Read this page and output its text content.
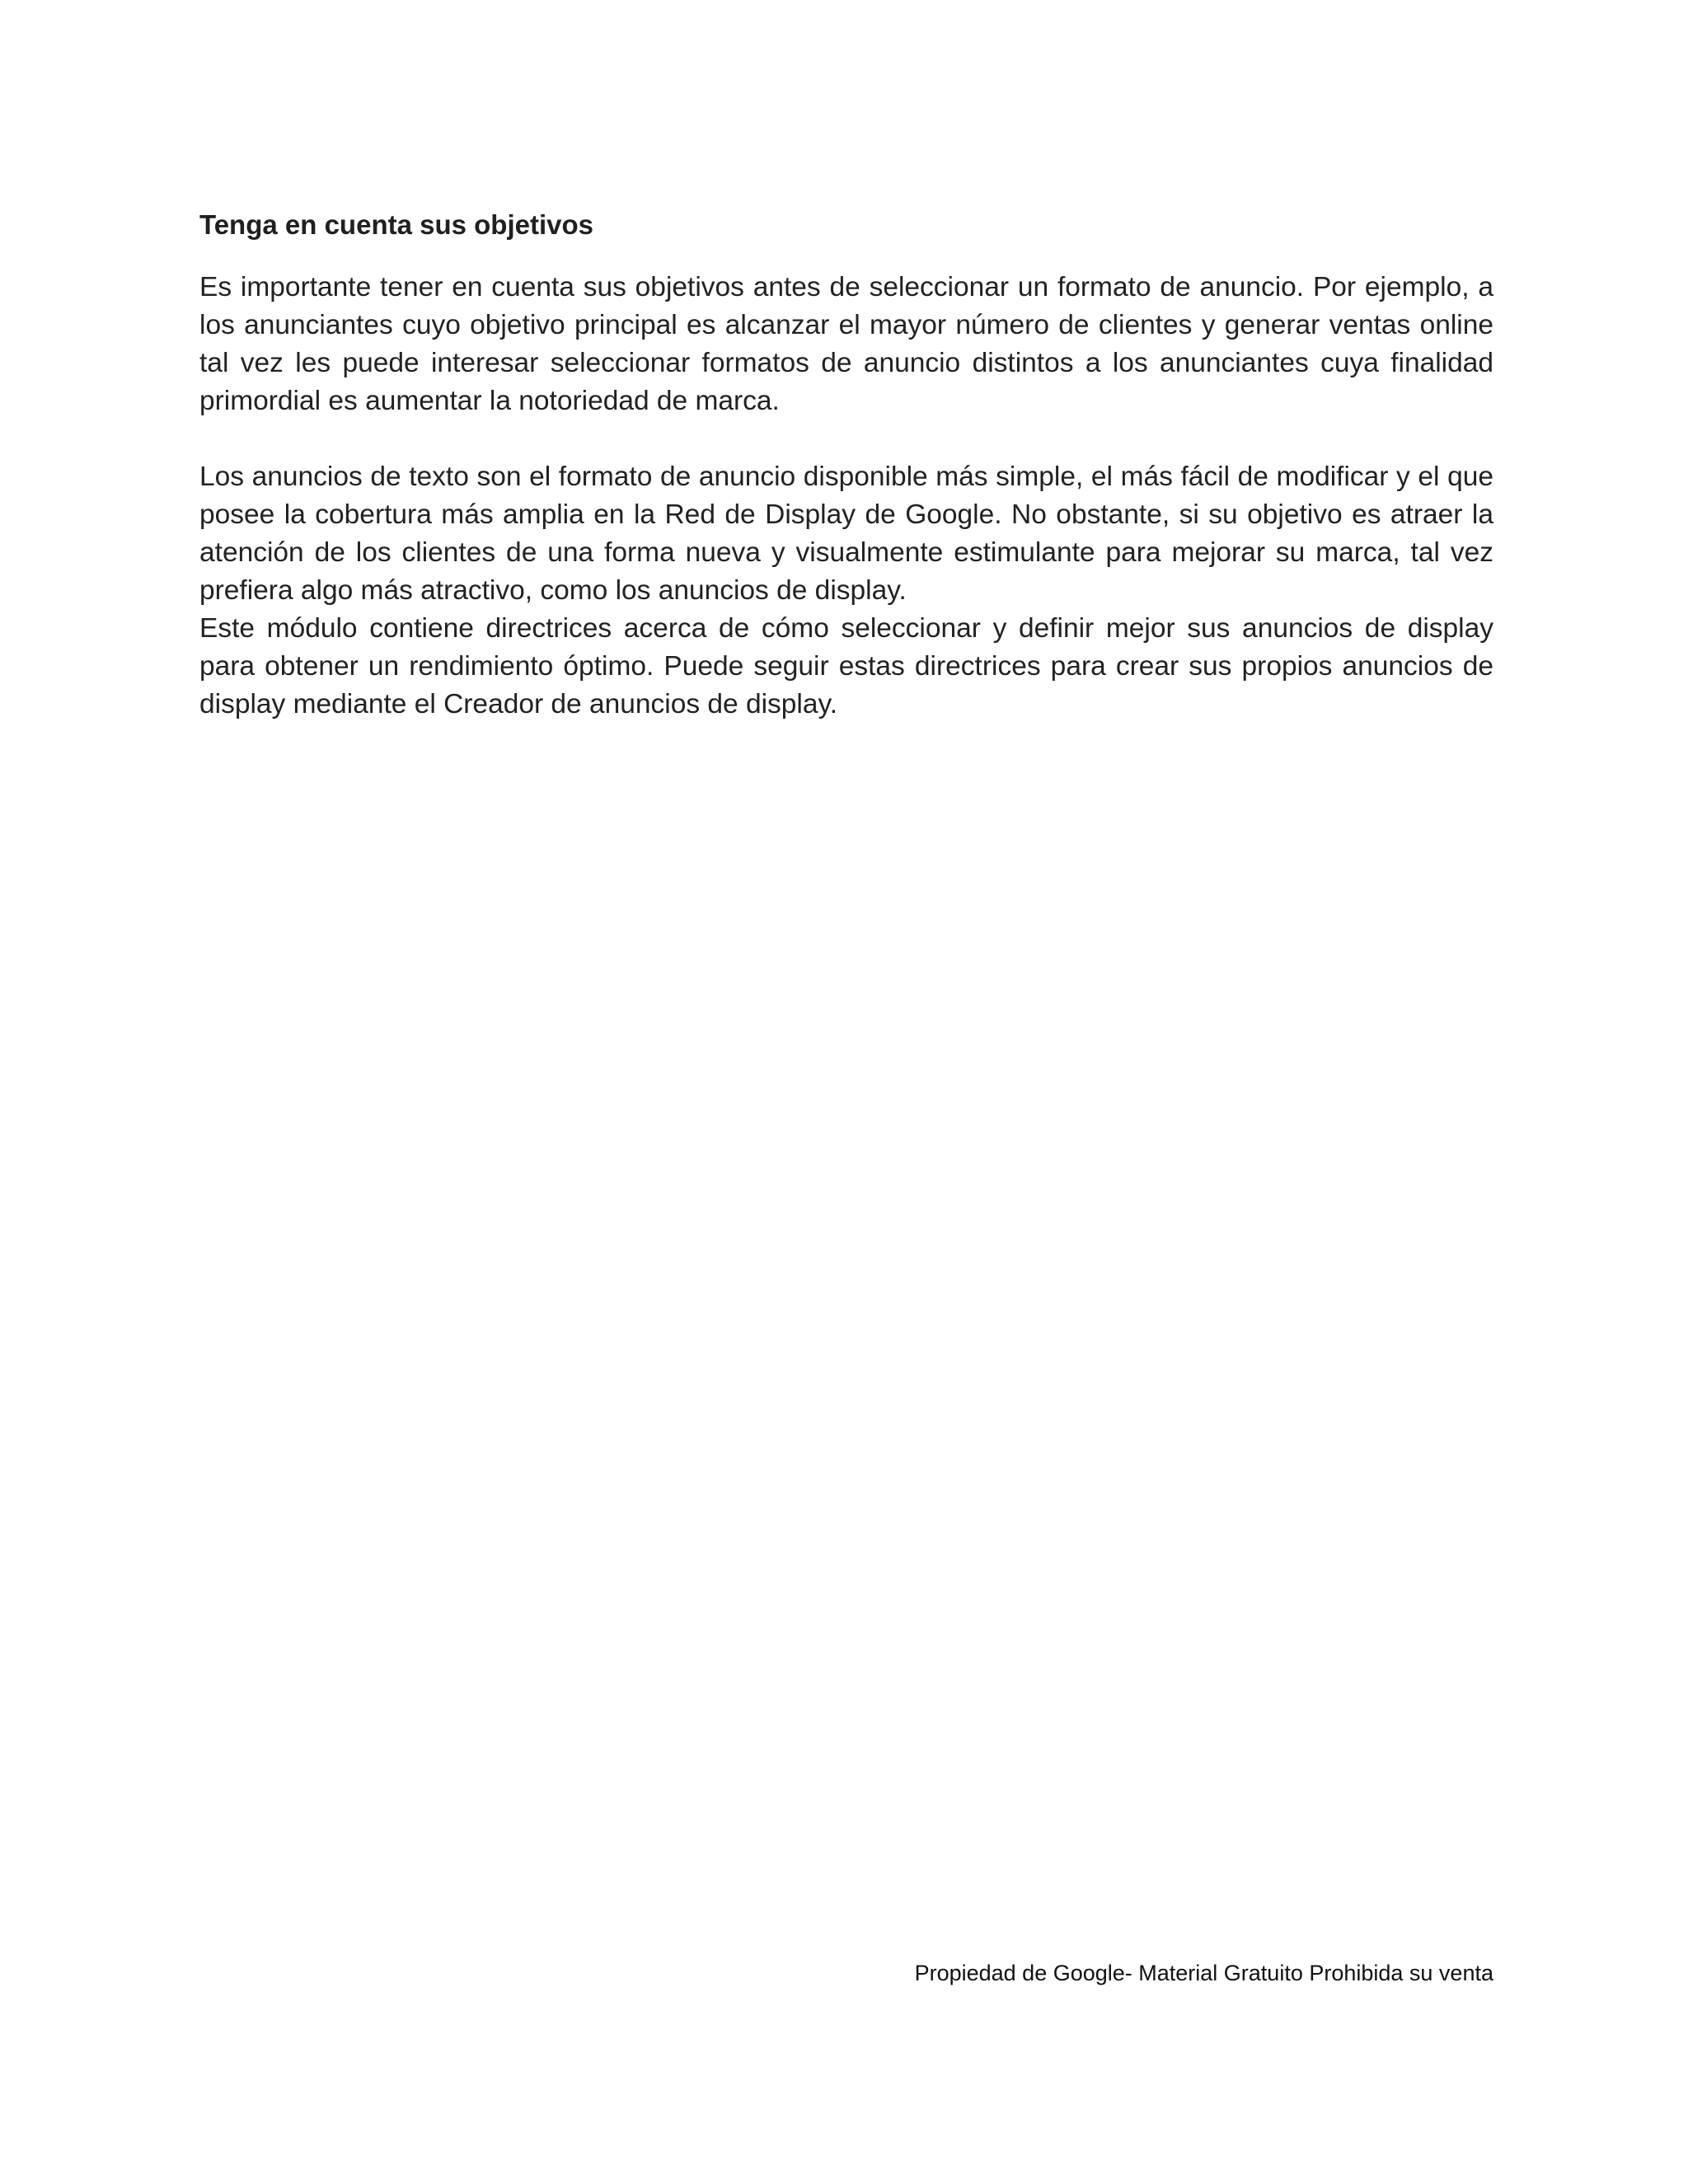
Tenga en cuenta sus objetivos

Es importante tener en cuenta sus objetivos antes de seleccionar un formato de anuncio. Por ejemplo, a los anunciantes cuyo objetivo principal es alcanzar el mayor número de clientes y generar ventas online tal vez les puede interesar seleccionar formatos de anuncio distintos a los anunciantes cuya finalidad primordial es aumentar la notoriedad de marca.

Los anuncios de texto son el formato de anuncio disponible más simple, el más fácil de modificar y el que posee la cobertura más amplia en la Red de Display de Google. No obstante, si su objetivo es atraer la atención de los clientes de una forma nueva y visualmente estimulante para mejorar su marca, tal vez prefiera algo más atractivo, como los anuncios de display.

Este módulo contiene directrices acerca de cómo seleccionar y definir mejor sus anuncios de display para obtener un rendimiento óptimo. Puede seguir estas directrices para crear sus propios anuncios de display mediante el Creador de anuncios de display.

Propiedad de Google- Material Gratuito Prohibida su venta
